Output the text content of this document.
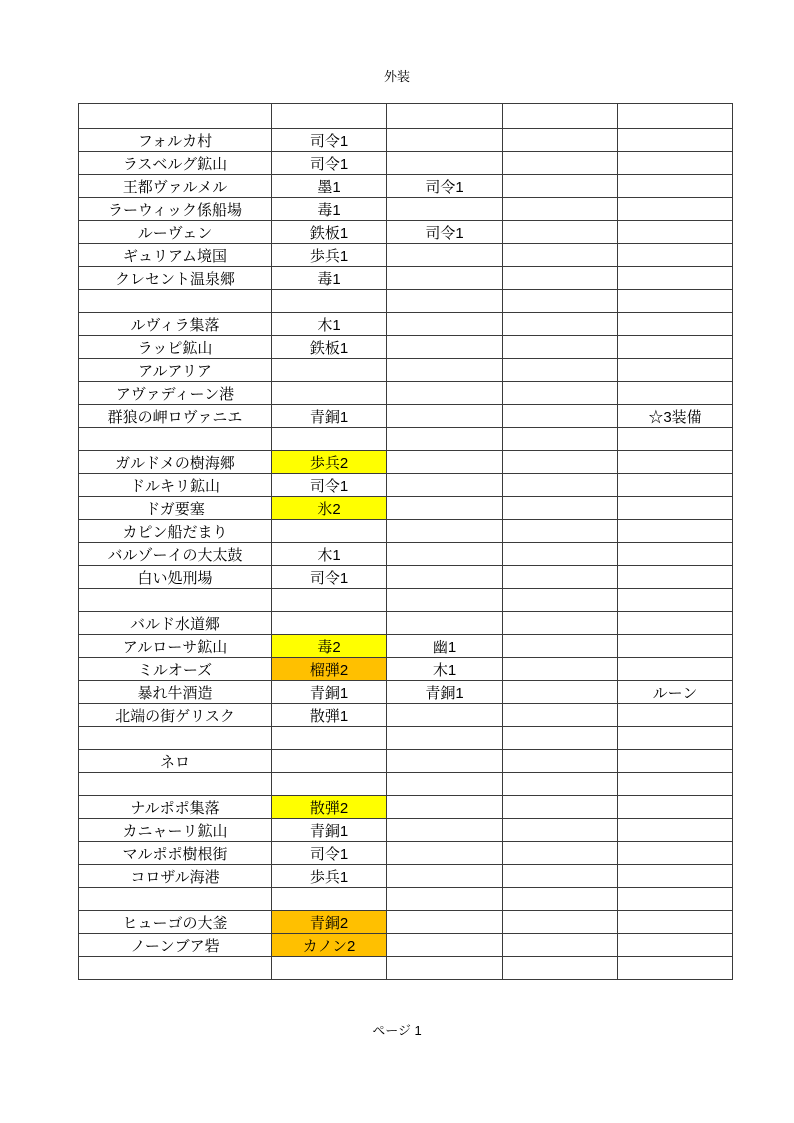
外装

フォルカ村	司令1			
ラスベルグ鉱山	司令1			
王都ヴァルメル	墨1	司令1		
ラーウィック係船場	毒1			
ルーヴェン	鉄板1	司令1		
ギュリアム境国	歩兵1			
クレセント温泉郷	毒1			

ルヴィラ集落	木1			
ラッピ鉱山	鉄板1			
アルアリア				
アヴァディーン港				
群狼の岬ロヴァニエ	青銅1			☆3装備

ガルドメの樹海郷	歩兵2			
ドルキリ鉱山	司令1			
ドガ要塞	氷2			
カピン船だまり				
バルゾーイの大太鼓	木1			
白い処刑場	司令1			

バルド水道郷				
アルローサ鉱山	毒2	幽1		
ミルオーズ	榴弾2	木1		
暴れ牛酒造	青銅1	青銅1		ルーン
北端の街ゲリスク	散弾1			

ネロ				

ナルポポ集落	散弾2			
カニャーリ鉱山	青銅1			
マルポポ樹根街	司令1			
コロザル海港	歩兵1			

ヒューゴの大釜	青銅2			
ノーンブア砦	カノン2			

ページ 1
